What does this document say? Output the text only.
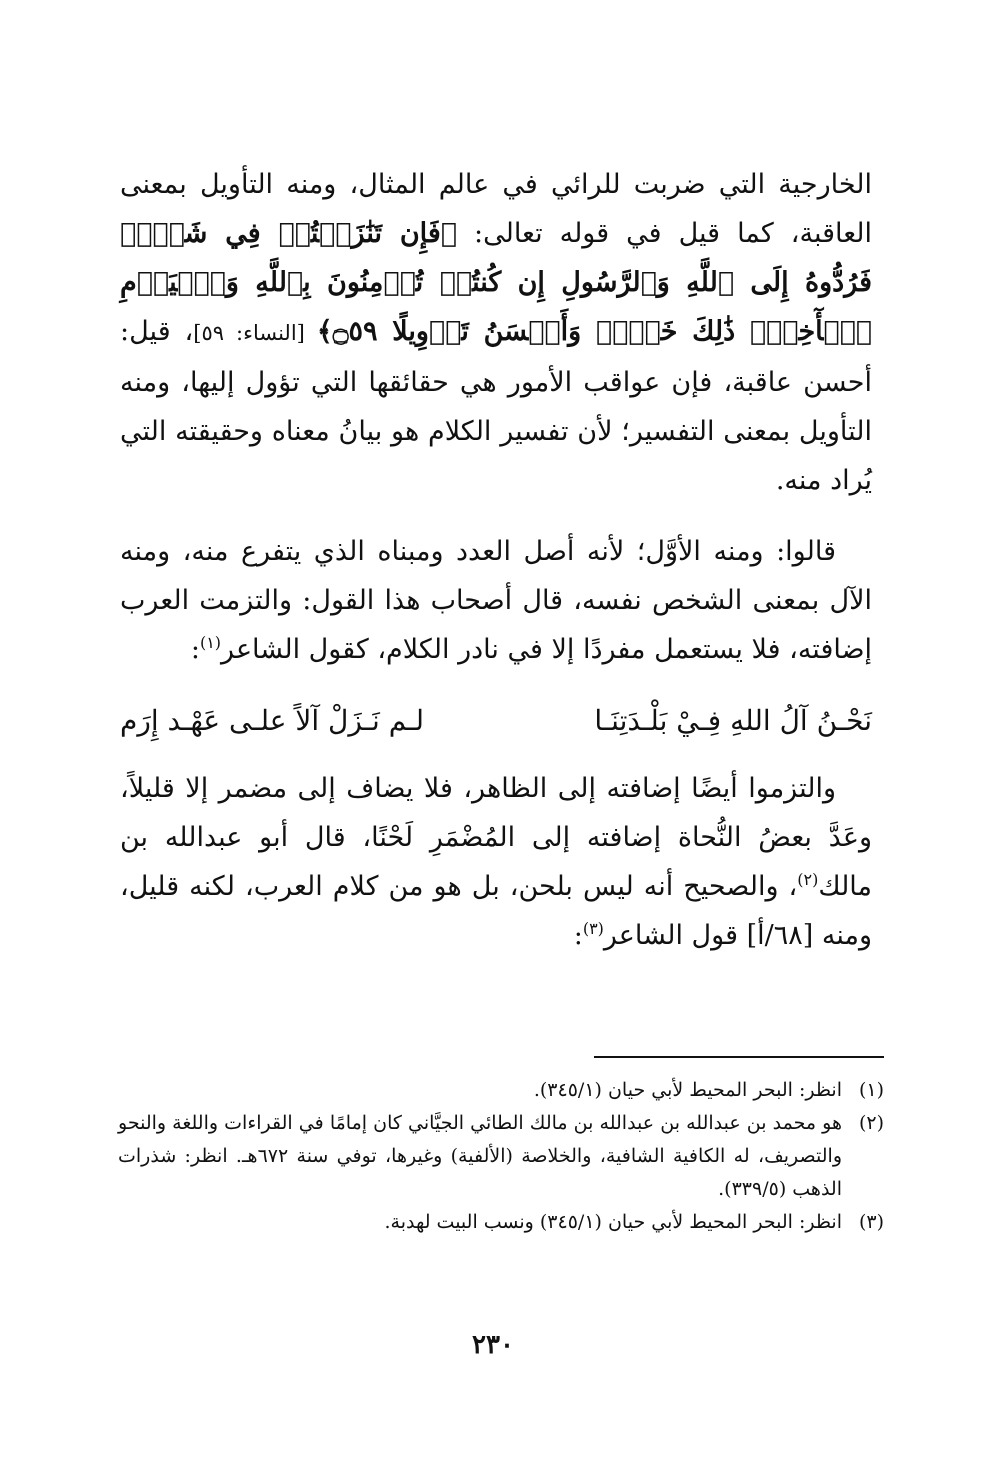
الخارجية التي ضربت للرائي في عالم المثال، ومنه التأويل بمعنى العاقبة، كما قيل في قوله تعالى: ﴿فَإِن تَنَٰزَعۡتُمۡ فِي شَيۡءٖ فَرُدُّوهُ إِلَى ٱللَّهِ وَٱلرَّسُولِ إِن كُنتُمۡ تُؤۡمِنُونَ بِٱللَّهِ وَٱلۡيَوۡمِ ٱلۡأٓخِرِۚ ذَٰلِكَ خَيۡرٞ وَأَحۡسَنُ تَأۡوِيلًا ۝٥٩﴾ [النساء: ٥٩]، قيل: أحسن عاقبة، فإن عواقب الأمور هي حقائقها التي تؤول إليها، ومنه التأويل بمعنى التفسير؛ لأن تفسير الكلام هو بيانُ معناه وحقيقته التي يُراد منه.

قالوا: ومنه الأوَّل؛ لأنه أصل العدد ومبناه الذي يتفرع منه، ومنه الآل بمعنى الشخص نفسه، قال أصحاب هذا القول: والتزمت العرب إضافته، فلا يستعمل مفردًا إلا في نادر الكلام، كقول الشاعر$^{(١)}$:

نَحْـنُ آلُ اللهِ فِـيْ بَلْـدَتِنَـا
لـم نَـزَلْ آلاً علـى عَهْـد إِرَم

والتزموا أيضًا إضافته إلى الظاهر، فلا يضاف إلى مضمر إلا قليلاً، وعَدَّ بعضُ النُّحاة إضافته إلى المُضْمَرِ لَحْنًا، قال أبو عبدالله بن مالك$^{(٢)}$، والصحيح أنه ليس بلحن، بل هو من كلام العرب، لكنه قليل، ومنه [٦٨/أ] قول الشاعر$^{(٣)}$:

(١)
انظر: البحر المحيط لأبي حيان (٣٤٥/١).
(٢)
هو محمد بن عبدالله بن عبدالله بن مالك الطائي الجيَّاني كان إمامًا في القراءات واللغة والنحو والتصريف، له الكافية الشافية، والخلاصة (الألفية) وغيرها، توفي سنة ٦٧٢هـ. انظر: شذرات الذهب (٣٣٩/٥).
(٣)
انظر: البحر المحيط لأبي حيان (٣٤٥/١) ونسب البيت لهدبة.
٢٣٠
